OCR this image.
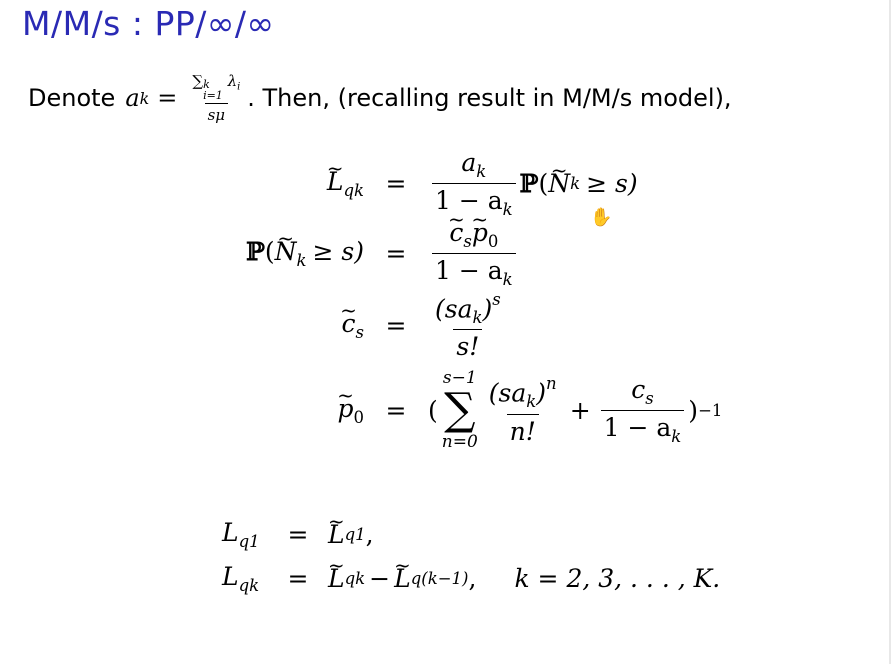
M/M/s : PP/∞/∞
Denote a k = ∑ k
i=1
$\lambda_i$
sμ . Then, (recalling result in M/M/s model),
~ $L_{qk}$ =	$\frac{a_k}{1 - a_k}$ ℙ ( ~ N k ≥ s)
ℙ(~ $N_k \ge s$) =	~ $\frac{c_s\sim p_0}{1 - a_k}$
~ $c_s$ =	$\frac{(sa_k)^s}{s!}$
~ $p_0$ = (
s−1
∑
$n=0 \frac{(sa_k)^n}{n!} + \frac{c_s}{1 - a_k}$ ) −1
$L_{q1}$	= ~ L q1 ,
$L_{qk}$	= ~ L qk − ~ L q(k−1) , k = 2, 3, . . . , K.
✋
